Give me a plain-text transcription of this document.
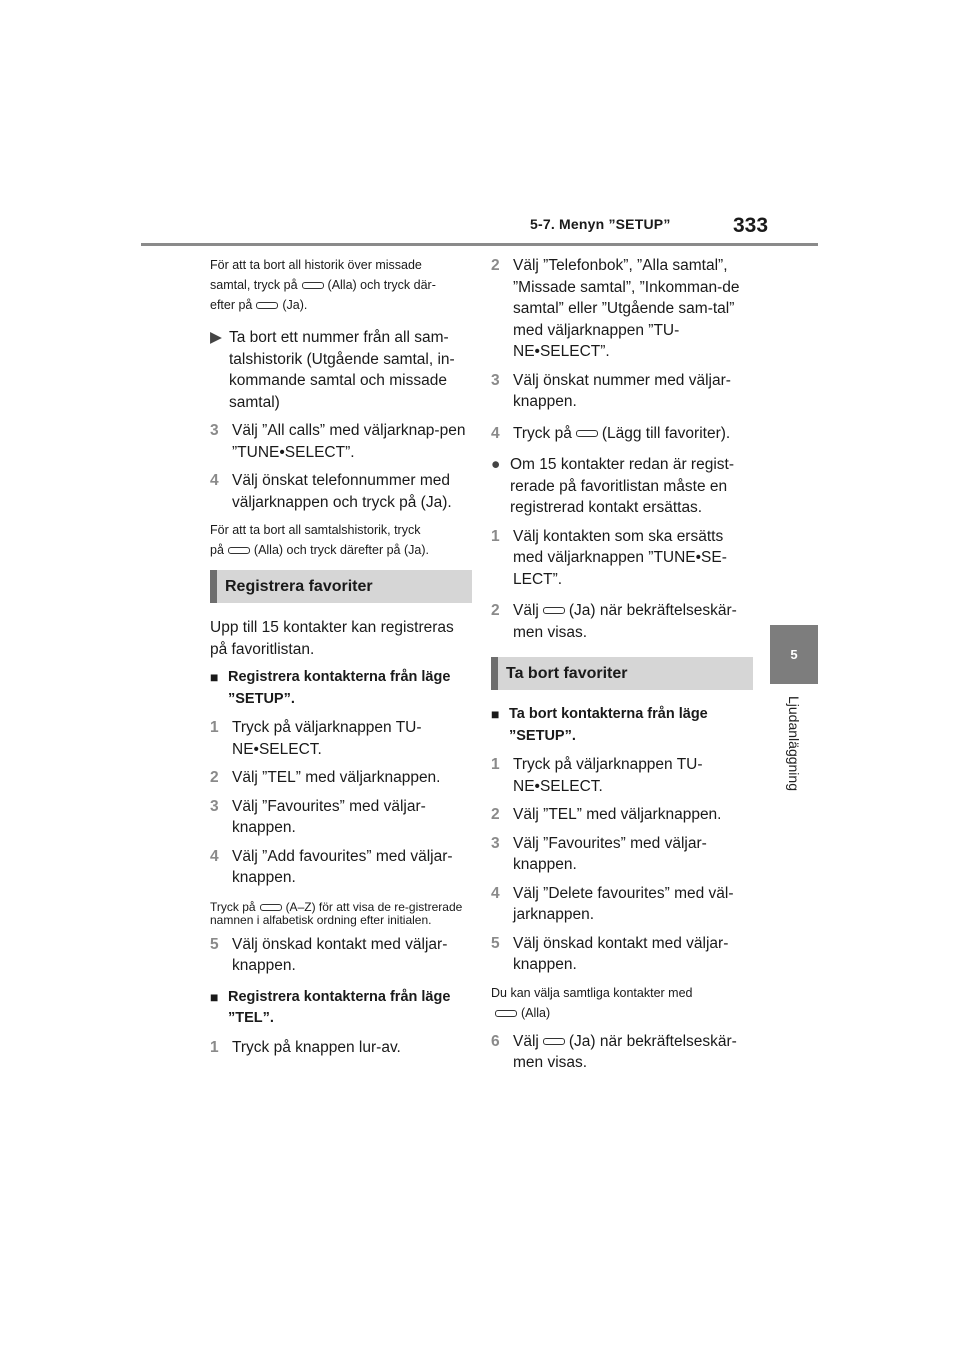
5-7. Menyn ”SETUP”	333
5
Ljudanläggning
För att ta bort all historik över missade
samtal, tryck på (Alla) och tryck där-
efter på (Ja).
▶ Ta bort ett nummer från all sam-talshistorik (Utgående samtal, in-kommande samtal och missade samtal)
3 Välj ”All calls” med väljarknap-pen ”TUNE•SELECT”.
4 Välj önskat telefonnummer med väljarknappen och tryck på (Ja).
För att ta bort all samtalshistorik, tryck
på (Alla) och tryck därefter på (Ja).
Registrera favoriter
Upp till 15 kontakter kan registreras på favoritlistan.
■ Registrera kontakterna från läge ”SETUP”.
1 Tryck på väljarknappen TU-NE•SELECT.
2 Välj ”TEL” med väljarknappen.
3 Välj ”Favourites” med väljar-knappen.
4 Välj ”Add favourites” med väljar-knappen.
Tryck på	(A–Z) för att visa de re-gistrerade namnen i alfabetisk ordning efter initialen.
5 Välj önskad kontakt med väljar-knappen.
■ Registrera kontakterna från läge ”TEL”.
1 Tryck på knappen lur-av.
2 Välj ”Telefonbok”, ”Alla samtal”, ”Missade samtal”, ”Inkomman-de samtal” eller ”Utgående sam-tal” med väljarknappen ”TU-NE•SELECT”.
3 Välj önskat nummer med väljar-knappen.
4 Tryck på (Lägg till favoriter).
● Om 15 kontakter redan är regist-rerade på favoritlistan måste en registrerad kontakt ersättas.
1 Välj kontakten som ska ersätts med väljarknappen ”TUNE•SE-LECT”.
2 Välj (Ja) när bekräftelseskär-men visas.
Ta bort favoriter
■ Ta bort kontakterna från läge ”SETUP”.
1 Tryck på väljarknappen TU-NE•SELECT.
2 Välj ”TEL” med väljarknappen.
3 Välj ”Favourites” med väljar-knappen.
4 Välj ”Delete favourites” med väl-jarknappen.
5 Välj önskad kontakt med väljar-knappen.
Du kan välja samtliga kontakter med
(Alla)
6 Välj (Ja) när bekräftelseskär-men visas.
